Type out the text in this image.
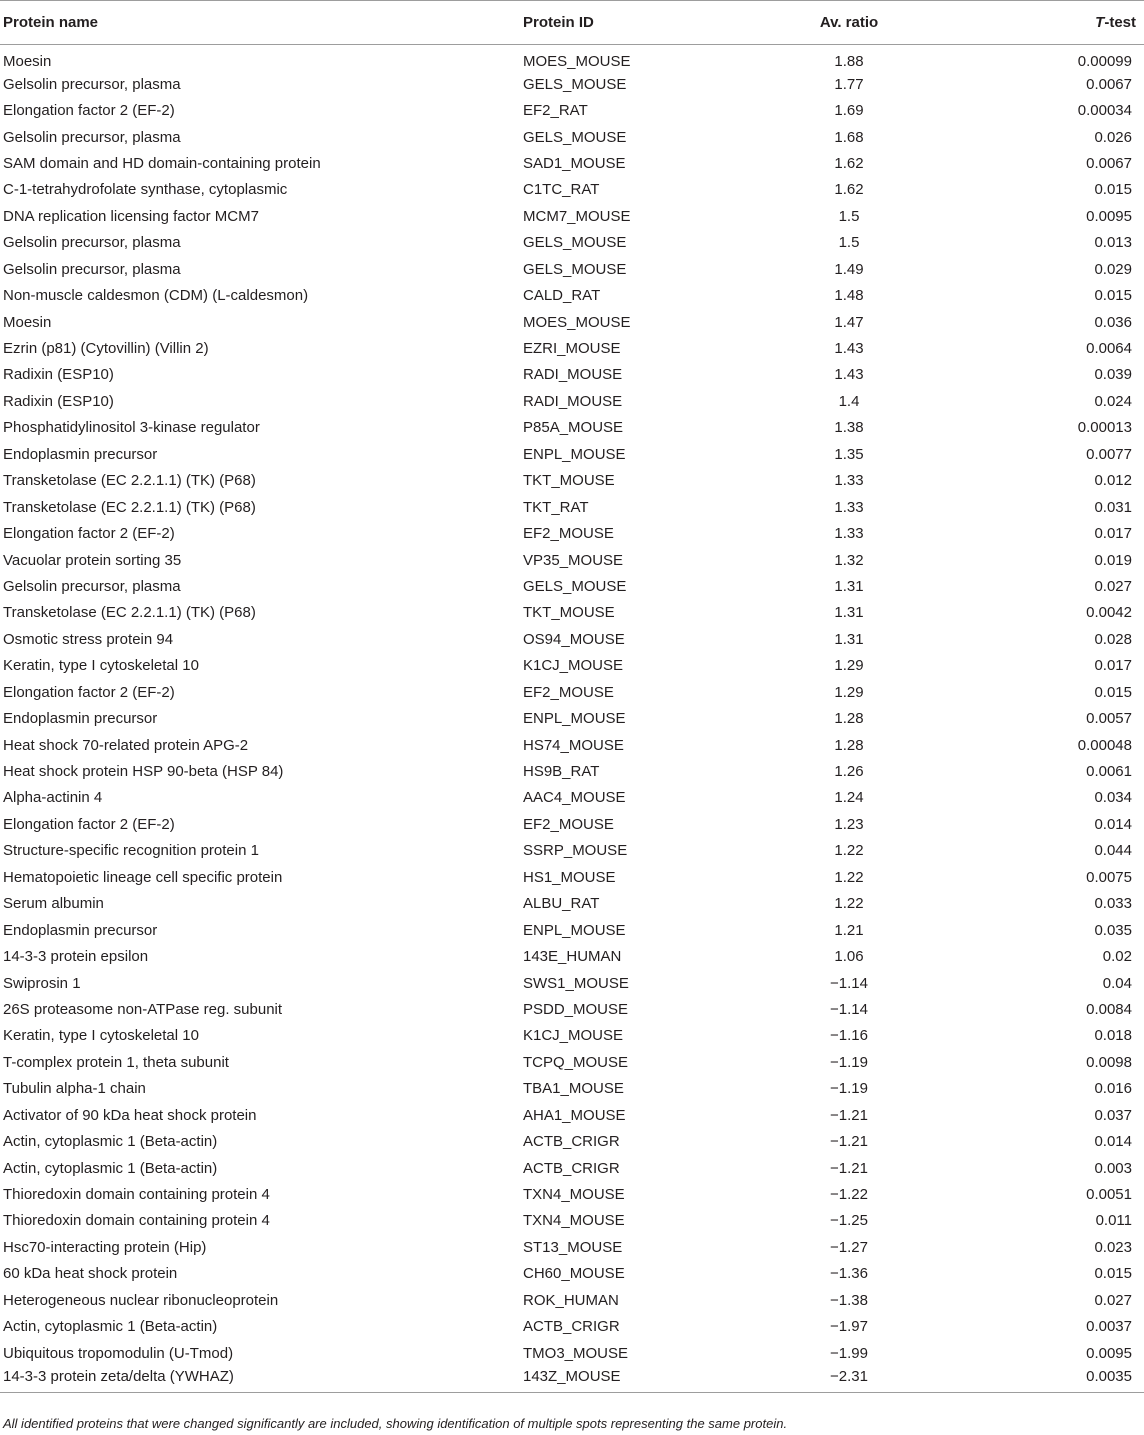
Protein name	Protein ID	Av. ratio	T-test
Moesin	MOES_MOUSE	1.88	0.00099
Gelsolin precursor, plasma	GELS_MOUSE	1.77	0.0067
Elongation factor 2 (EF-2)	EF2_RAT	1.69	0.00034
Gelsolin precursor, plasma	GELS_MOUSE	1.68	0.026
SAM domain and HD domain-containing protein	SAD1_MOUSE	1.62	0.0067
C-1-tetrahydrofolate synthase, cytoplasmic	C1TC_RAT	1.62	0.015
DNA replication licensing factor MCM7	MCM7_MOUSE	1.5	0.0095
Gelsolin precursor, plasma	GELS_MOUSE	1.5	0.013
Gelsolin precursor, plasma	GELS_MOUSE	1.49	0.029
Non-muscle caldesmon (CDM) (L-caldesmon)	CALD_RAT	1.48	0.015
Moesin	MOES_MOUSE	1.47	0.036
Ezrin (p81) (Cytovillin) (Villin 2)	EZRI_MOUSE	1.43	0.0064
Radixin (ESP10)	RADI_MOUSE	1.43	0.039
Radixin (ESP10)	RADI_MOUSE	1.4	0.024
Phosphatidylinositol 3-kinase regulator	P85A_MOUSE	1.38	0.00013
Endoplasmin precursor	ENPL_MOUSE	1.35	0.0077
Transketolase (EC 2.2.1.1) (TK) (P68)	TKT_MOUSE	1.33	0.012
Transketolase (EC 2.2.1.1) (TK) (P68)	TKT_RAT	1.33	0.031
Elongation factor 2 (EF-2)	EF2_MOUSE	1.33	0.017
Vacuolar protein sorting 35	VP35_MOUSE	1.32	0.019
Gelsolin precursor, plasma	GELS_MOUSE	1.31	0.027
Transketolase (EC 2.2.1.1) (TK) (P68)	TKT_MOUSE	1.31	0.0042
Osmotic stress protein 94	OS94_MOUSE	1.31	0.028
Keratin, type I cytoskeletal 10	K1CJ_MOUSE	1.29	0.017
Elongation factor 2 (EF-2)	EF2_MOUSE	1.29	0.015
Endoplasmin precursor	ENPL_MOUSE	1.28	0.0057
Heat shock 70-related protein APG-2	HS74_MOUSE	1.28	0.00048
Heat shock protein HSP 90-beta (HSP 84)	HS9B_RAT	1.26	0.0061
Alpha-actinin 4	AAC4_MOUSE	1.24	0.034
Elongation factor 2 (EF-2)	EF2_MOUSE	1.23	0.014
Structure-specific recognition protein 1	SSRP_MOUSE	1.22	0.044
Hematopoietic lineage cell specific protein	HS1_MOUSE	1.22	0.0075
Serum albumin	ALBU_RAT	1.22	0.033
Endoplasmin precursor	ENPL_MOUSE	1.21	0.035
14-3-3 protein epsilon	143E_HUMAN	1.06	0.02
Swiprosin 1	SWS1_MOUSE	−1.14	0.04
26S proteasome non-ATPase reg. subunit	PSDD_MOUSE	−1.14	0.0084
Keratin, type I cytoskeletal 10	K1CJ_MOUSE	−1.16	0.018
T-complex protein 1, theta subunit	TCPQ_MOUSE	−1.19	0.0098
Tubulin alpha-1 chain	TBA1_MOUSE	−1.19	0.016
Activator of 90 kDa heat shock protein	AHA1_MOUSE	−1.21	0.037
Actin, cytoplasmic 1 (Beta-actin)	ACTB_CRIGR	−1.21	0.014
Actin, cytoplasmic 1 (Beta-actin)	ACTB_CRIGR	−1.21	0.003
Thioredoxin domain containing protein 4	TXN4_MOUSE	−1.22	0.0051
Thioredoxin domain containing protein 4	TXN4_MOUSE	−1.25	0.011
Hsc70-interacting protein (Hip)	ST13_MOUSE	−1.27	0.023
60 kDa heat shock protein	CH60_MOUSE	−1.36	0.015
Heterogeneous nuclear ribonucleoprotein	ROK_HUMAN	−1.38	0.027
Actin, cytoplasmic 1 (Beta-actin)	ACTB_CRIGR	−1.97	0.0037
Ubiquitous tropomodulin (U-Tmod)	TMO3_MOUSE	−1.99	0.0095
14-3-3 protein zeta/delta (YWHAZ)	143Z_MOUSE	−2.31	0.0035
All identified proteins that were changed significantly are included, showing identification of multiple spots representing the same protein.
